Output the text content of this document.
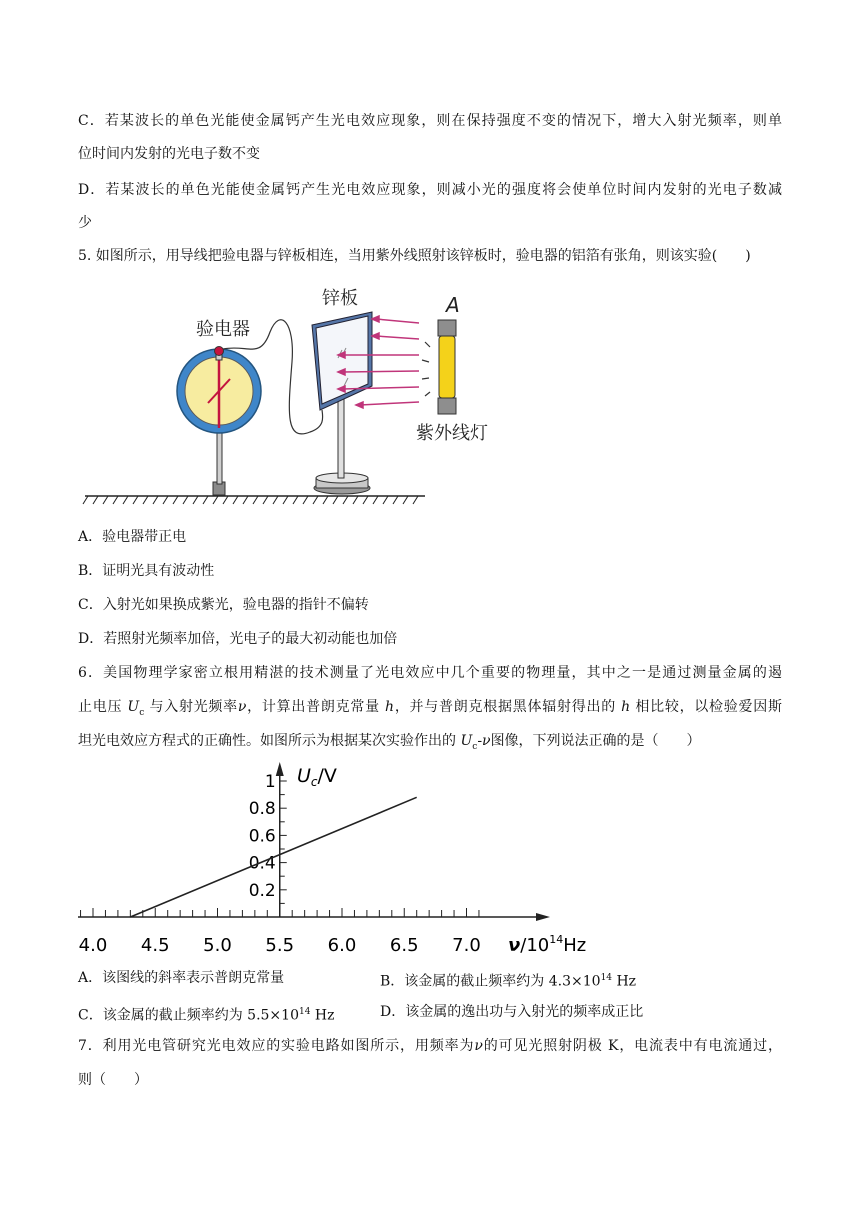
C．若某波长的单色光能使金属钙产生光电效应现象，则在保持强度不变的情况下，增大入射光频率，则单
位时间内发射的光电子数不变
D．若某波长的单色光能使金属钙产生光电效应现象，则减小光的强度将会使单位时间内发射的光电子数减
少
5. 如图所示，用导线把验电器与锌板相连，当用紫外线照射该锌板时，验电器的铝箔有张角，则该实验(　　)
验电器
锌板	A
紫外线灯
A．验电器带正电
B．证明光具有波动性
C．入射光如果换成紫光，验电器的指针不偏转
D．若照射光频率加倍，光电子的最大初动能也加倍
6．美国物理学家密立根用精湛的技术测量了光电效应中几个重要的物理量，其中之一是通过测量金属的遏
止电压 $U_c$ 与入射光频率ν，计算出普朗克常量 h，并与普朗克根据黑体辐射得出的 h 相比较，以检验爱因斯
坦光电效应方程式的正确性。如图所示为根据某次实验作出的 $U_c-\nu$图像，下列说法正确的是（　　）
4.0 4.5 5.0 5.5 6.0 6.5 7.0
0.2
0.4
0.6
0.8
1 $U_c/V$
$\nu/10^{14}Hz$
A．该图线的斜率表示普朗克常量	B．该金属的截止频率约为 $4.3\times 10^{14}$ Hz
C．该金属的截止频率约为 $5.5\times 10^{14}$ Hz	D．该金属的逸出功与入射光的频率成正比
7．利用光电管研究光电效应的实验电路如图所示，用频率为ν的可见光照射阴极 K，电流表中有电流通过，
则（　　）
